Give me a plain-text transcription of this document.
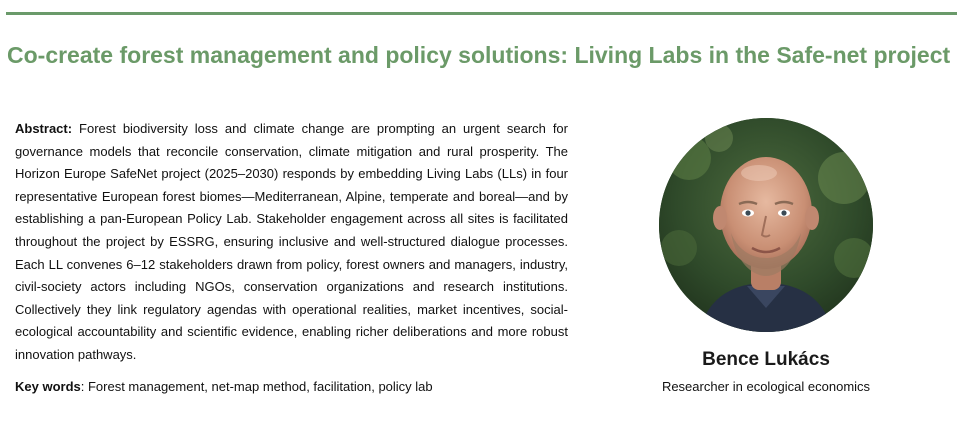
Co-create forest management and policy solutions: Living Labs in the Safe-net project

Abstract: Forest biodiversity loss and climate change are prompting an urgent search for governance models that reconcile conservation, climate mitigation and rural prosperity. The Horizon Europe SafeNet project (2025–2030) responds by embedding Living Labs (LLs) in four representative European forest biomes—Mediterranean, Alpine, temperate and boreal—and by establishing a pan-European Policy Lab. Stakeholder engagement across all sites is facilitated throughout the project by ESSRG, ensuring inclusive and well-structured dialogue processes. Each LL convenes 6–12 stakeholders drawn from policy, forest owners and managers, industry, civil-society actors including NGOs, conservation organizations and research institutions. Collectively they link regulatory agendas with operational realities, market incentives, social-ecological accountability and scientific evidence, enabling richer deliberations and more robust innovation pathways.

Key words: Forest management, net-map method, facilitation, policy lab

Bence Lukács

Researcher in ecological economics
